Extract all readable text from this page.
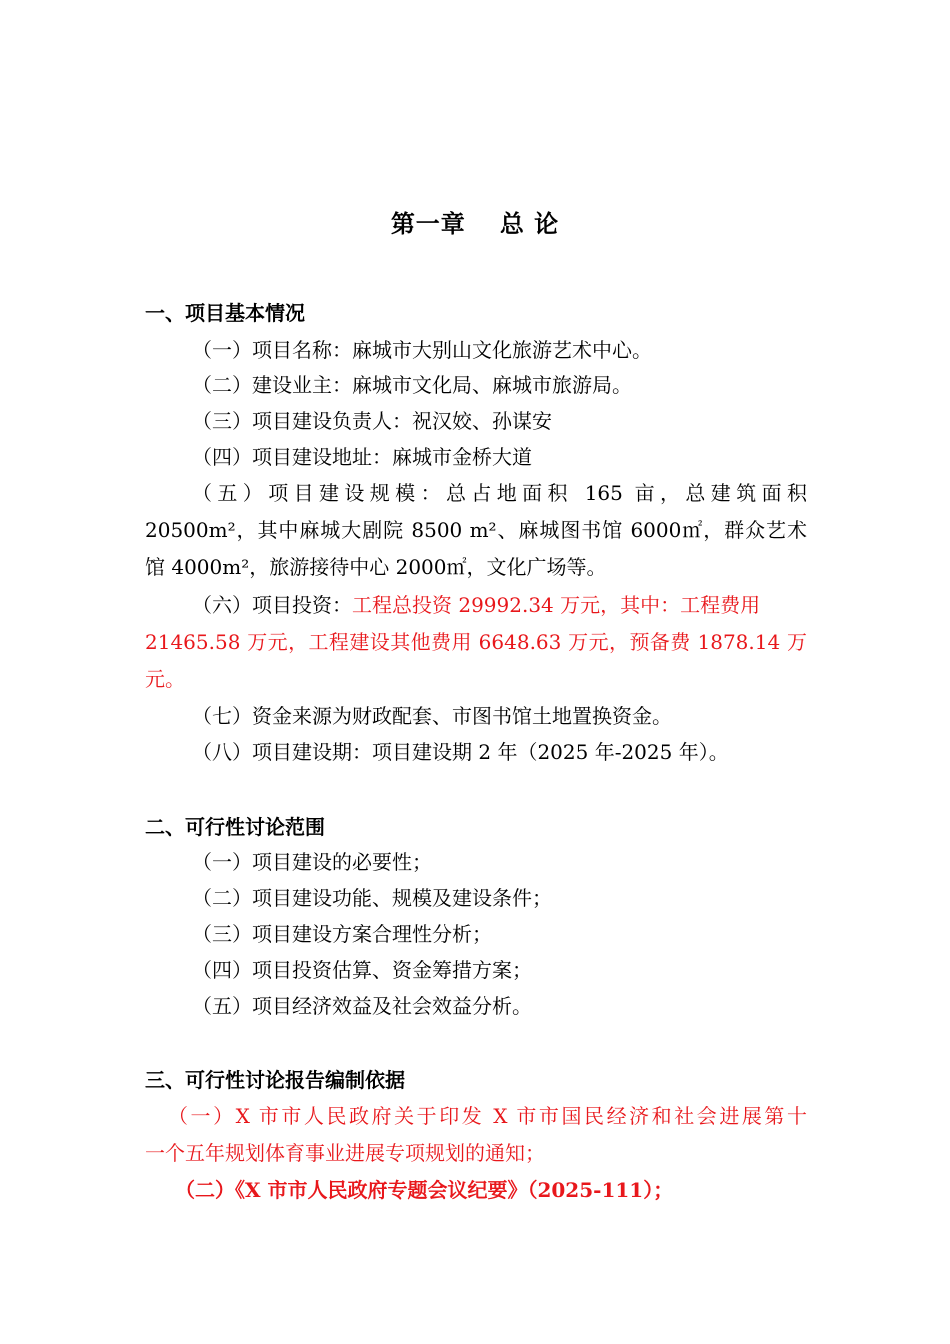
第一章 总 论
一、项目基本情况
（一）项目名称：麻城市大别山文化旅游艺术中心。
（二）建设业主：麻城市文化局、麻城市旅游局。
（三）项目建设负责人：祝汉姣、孙谋安
（四）项目建设地址：麻城市金桥大道
（五）项目建设规模：总占地面积 165 亩，总建筑面积
20500m²，其中麻城大剧院 8500 m²、麻城图书馆 6000㎡，群众艺术
馆 4000m²，旅游接待中心 2000㎡，文化广场等。
（六）项目投资：工程总投资 29992.34 万元，其中：工程费用
21465.58 万元，工程建设其他费用 6648.63 万元，预备费 1878.14 万
元。
（七）资金来源为财政配套、市图书馆土地置换资金。
（八）项目建设期：项目建设期 2 年（2025 年-2025 年）。
二、可行性讨论范围
（一）项目建设的必要性；
（二）项目建设功能、规模及建设条件；
（三）项目建设方案合理性分析；
（四）项目投资估算、资金筹措方案；
（五）项目经济效益及社会效益分析。
三、可行性讨论报告编制依据
（一）X 市市人民政府关于印发 X 市市国民经济和社会进展第十
一个五年规划体育事业进展专项规划的通知；
（二）《X 市市人民政府专题会议纪要》（2025-111）；
